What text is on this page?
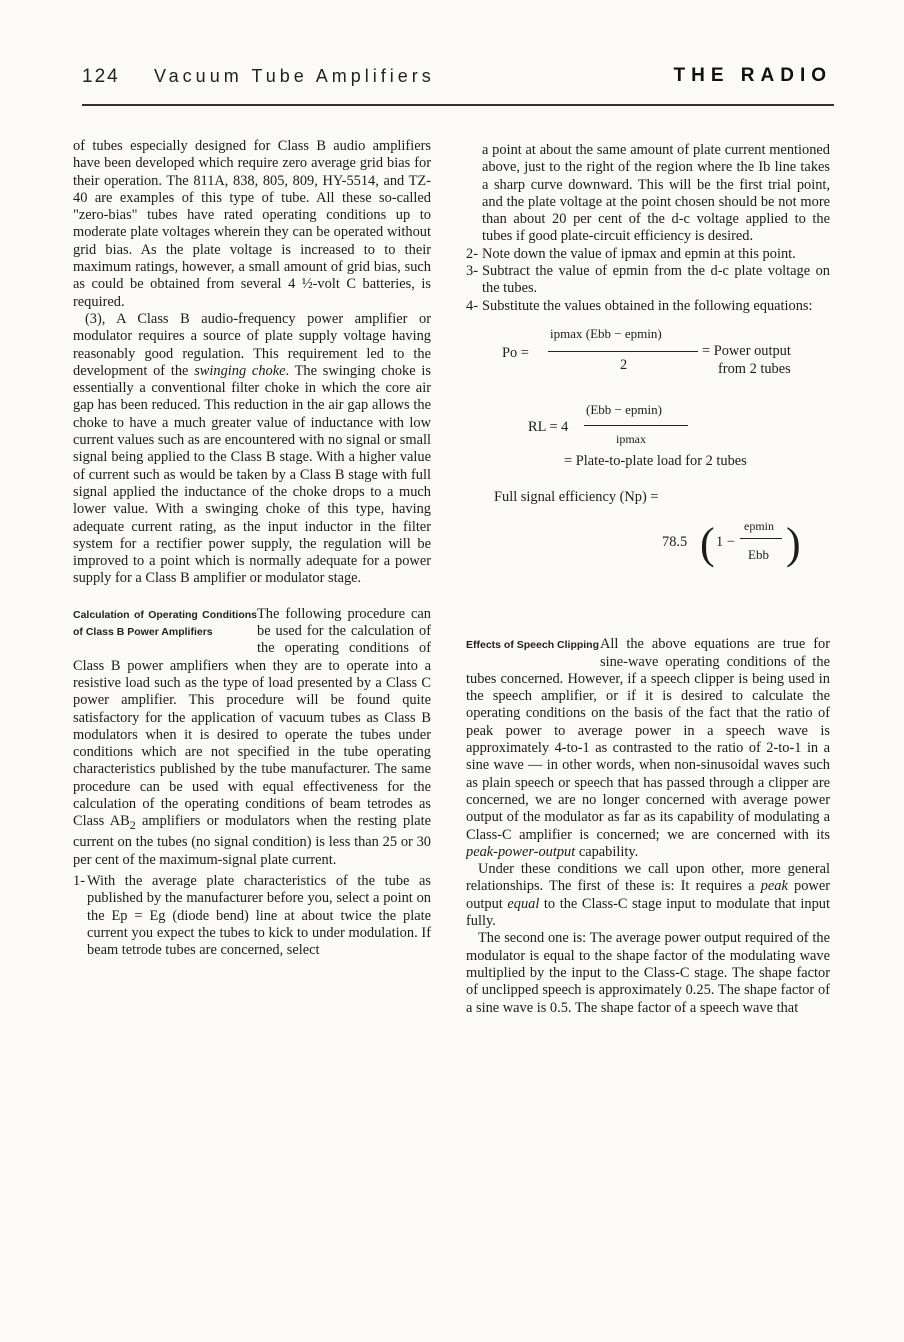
124 Vacuum Tube Amplifiers	THE RADIO

of tubes especially designed for Class B audio amplifiers have been developed which require zero average grid bias for their operation. The 811A, 838, 805, 809, HY-5514, and TZ-40 are examples of this type of tube. All these so-called "zero-bias" tubes have rated operating conditions up to moderate plate voltages wherein they can be operated without grid bias. As the plate voltage is increased to to their maximum ratings, however, a small amount of grid bias, such as could be obtained from several 4 ½-volt C batteries, is required.

(3), A Class B audio-frequency power amplifier or modulator requires a source of plate supply voltage having reasonably good regulation. This requirement led to the development of the swinging choke. The swinging choke is essentially a conventional filter choke in which the core air gap has been reduced. This reduction in the air gap allows the choke to have a much greater value of inductance with low current values such as are encountered with no signal or small signal being applied to the Class B stage. With a higher value of current such as would be taken by a Class B stage with full signal applied the inductance of the choke drops to a much lower value. With a swinging choke of this type, having adequate current rating, as the input inductor in the filter system for a rectifier power supply, the regulation will be improved to a point which is normally adequate for a power supply for a Class B amplifier or modulator stage.

Calculation of Operating Conditions of Class B Power Amplifiers

The following procedure can be used for the calculation of the operating conditions of Class B power amplifiers when they are to operate into a resistive load such as the type of load presented by a Class C power amplifier. This procedure will be found quite satisfactory for the application of vacuum tubes as Class B modulators when it is desired to operate the tubes under conditions which are not specified in the tube operating characteristics published by the tube manufacturer. The same procedure can be used with equal effectiveness for the calculation of the operating conditions of beam tetrodes as Class $AB_2$ amplifiers or modulators when the resting plate current on the tubes (no signal condition) is less than 25 or 30 per cent of the maximum-signal plate current.

1- With the average plate characteristics of the tube as published by the manufacturer before you, select a point on the Ep = Eg (diode bend) line at about twice the plate current you expect the tubes to kick to under modulation. If beam tetrode tubes are concerned, select
a point at about the same amount of plate current mentioned above, just to the right of the region where the Ib line takes a sharp curve downward. This will be the first trial point, and the plate voltage at the point chosen should be not more than about 20 per cent of the d-c voltage applied to the tubes if good plate-circuit efficiency is desired.
2- Note down the value of ipmax and epmin at this point.
3- Subtract the value of epmin from the d-c plate voltage on the tubes.
4- Substitute the values obtained in the following equations:
Po =
ipmax (Ebb − epmin)
2
= Power output
from 2 tubes
RL = 4
(Ebb − epmin)
ipmax
= Plate-to-plate load for 2 tubes

Full signal efficiency (Np) =

78.5 ( 1 −
epmin
Ebb )
Effects of Speech Clipping All the above equations are true for sine-wave operating conditions of the tubes concerned. However, if a speech clipper is being used in the speech amplifier, or if it is desired to calculate the operating conditions on the basis of the fact that the ratio of peak power to average power in a speech wave is approximately 4-to-1 as contrasted to the ratio of 2-to-1 in a sine wave — in other words, when non-sinusoidal waves such as plain speech or speech that has passed through a clipper are concerned, we are no longer concerned with average power output of the modulator as far as its capability of modulating a Class-C amplifier is concerned; we are concerned with its peak-power-output capability.

Under these conditions we call upon other, more general relationships. The first of these is: It requires a peak power output equal to the Class-C stage input to modulate that input fully.

The second one is: The average power output required of the modulator is equal to the shape factor of the modulating wave multiplied by the input to the Class-C stage. The shape factor of unclipped speech is approximately 0.25. The shape factor of a sine wave is 0.5. The shape factor of a speech wave that
